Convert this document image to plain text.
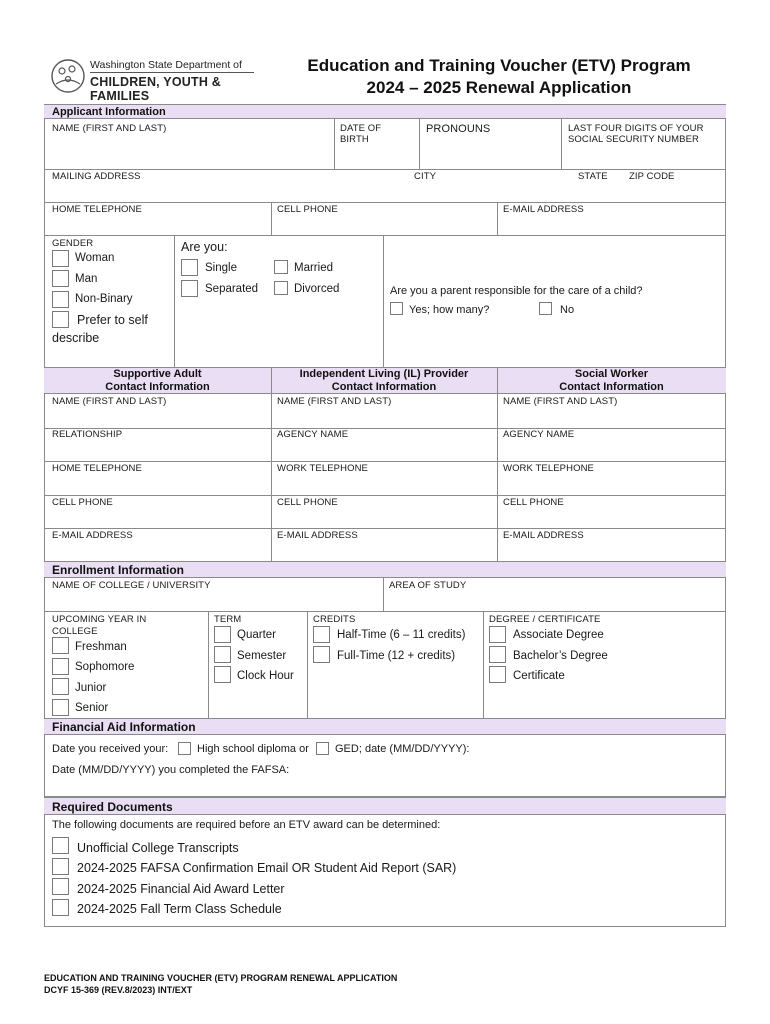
Washington State Department of
CHILDREN, YOUTH & FAMILIES
Education and Training Voucher (ETV) Program
2024 – 2025 Renewal Application
Applicant Information
NAME (FIRST AND LAST)	DATE OF
BIRTH
PRONOUNS	LAST FOUR DIGITS OF YOUR
SOCIAL SECURITY NUMBER
MAILING ADDRESS	CITY	STATE ZIP CODE
HOME TELEPHONE	CELL PHONE	E-MAIL ADDRESS
GENDER
Woman
Man
Non-Binary
Prefer to self
describe
Are you:
Single	Married
Separated	Divorced	Are you a parent responsible for the care of a child?
Yes; how many?	No
Supportive Adult
Contact Information
Independent Living (IL) Provider
Contact Information
Social Worker
Contact Information
NAME (FIRST AND LAST)	NAME (FIRST AND LAST)	NAME (FIRST AND LAST)
RELATIONSHIP	AGENCY NAME	AGENCY NAME
HOME TELEPHONE	WORK TELEPHONE	WORK TELEPHONE
CELL PHONE	CELL PHONE	CELL PHONE
E-MAIL ADDRESS	E-MAIL ADDRESS	E-MAIL ADDRESS
Enrollment Information
NAME OF COLLEGE / UNIVERSITY	AREA OF STUDY
UPCOMING YEAR IN
COLLEGE
Freshman
Sophomore
Junior
Senior
TERM
Quarter
Semester
Clock Hour
CREDITS
Half-Time (6 – 11 credits)
Full-Time (12 + credits)
DEGREE / CERTIFICATE
Associate Degree
Bachelor’s Degree
Certificate
Financial Aid Information
Date you received your:	High school diploma or GED; date (MM/DD/YYYY):
Date (MM/DD/YYYY) you completed the FAFSA:
Required Documents
The following documents are required before an ETV award can be determined:
Unofficial College Transcripts
2024-2025 FAFSA Confirmation Email OR Student Aid Report (SAR)
2024-2025 Financial Aid Award Letter
2024-2025 Fall Term Class Schedule
EDUCATION AND TRAINING VOUCHER (ETV) PROGRAM RENEWAL APPLICATION
DCYF 15-369 (REV.8/2023) INT/EXT
